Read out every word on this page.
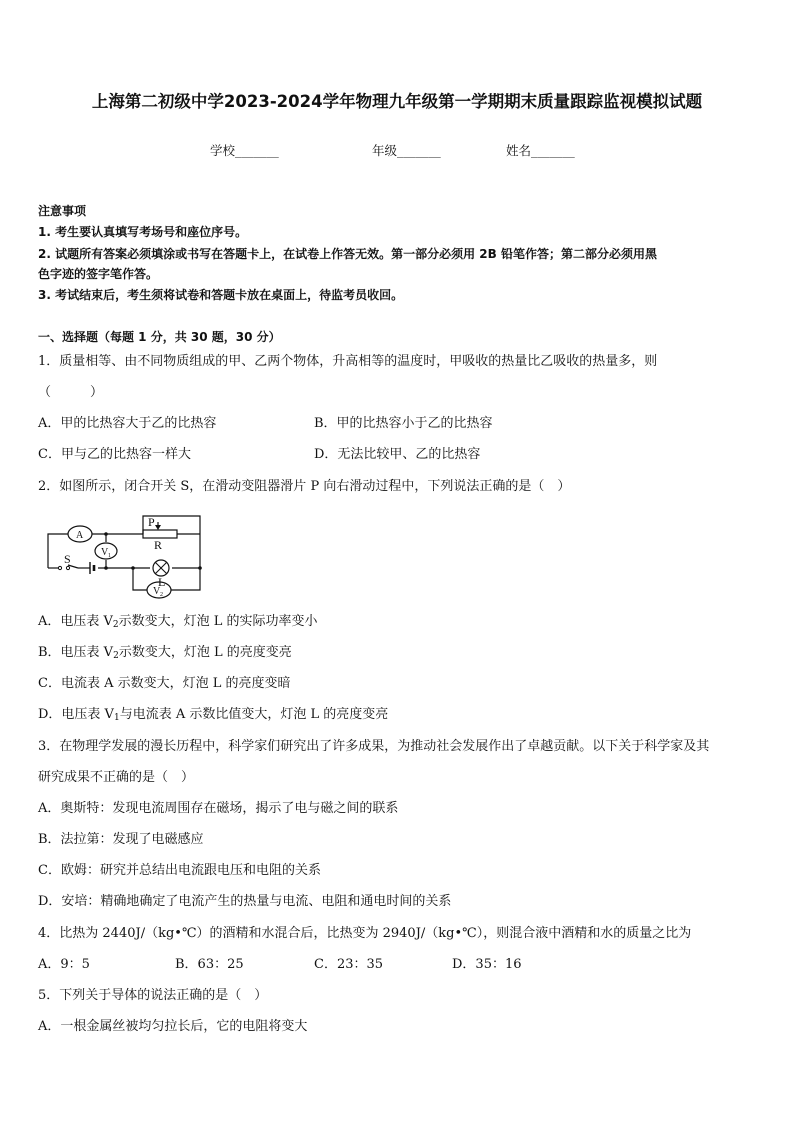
上海第二初级中学2023-2024学年物理九年级第一学期期末质量跟踪监视模拟试题
学校_______	年级_______	姓名_______
注意事项
1. 考生要认真填写考场号和座位序号。
2. 试题所有答案必须填涂或书写在答题卡上，在试卷上作答无效。第一部分必须用 2B 铅笔作答；第二部分必须用黑
色字迹的签字笔作答。
3. 考试结束后，考生须将试卷和答题卡放在桌面上，待监考员收回。
一、选择题（每题 1 分，共 30 题，30 分）
1．质量相等、由不同物质组成的甲、乙两个物体，升高相等的温度时，甲吸收的热量比乙吸收的热量多，则
（　　　）
A．甲的比热容大于乙的比热容	B．甲的比热容小于乙的比热容
C．甲与乙的比热容一样大	D．无法比较甲、乙的比热容
2．如图所示，闭合开关 S，在滑动变阻器滑片 P 向右滑动过程中，下列说法正确的是（　）
P
R
S
A
V 1
V 2
L
A．电压表 $V_2$示数变大，灯泡 L 的实际功率变小
B．电压表 $V_2$示数变大，灯泡 L 的亮度变亮
C．电流表 A 示数变大，灯泡 L 的亮度变暗
D．电压表 $V_1$与电流表 A 示数比值变大，灯泡 L 的亮度变亮
3．在物理学发展的漫长历程中，科学家们研究出了许多成果，为推动社会发展作出了卓越贡献。以下关于科学家及其
研究成果不正确的是（　）
A．奥斯特：发现电流周围存在磁场，揭示了电与磁之间的联系
B．法拉第：发现了电磁感应
C．欧姆：研究并总结出电流跟电压和电阻的关系
D．安培：精确地确定了电流产生的热量与电流、电阻和通电时间的关系
4．比热为 2440J/（kg•℃）的酒精和水混合后，比热变为 2940J/（kg•℃），则混合液中酒精和水的质量之比为
A．9：5	B．63：25	C．23：35	D．35：16
5．下列关于导体的说法正确的是（　）
A．一根金属丝被均匀拉长后，它的电阻将变大
